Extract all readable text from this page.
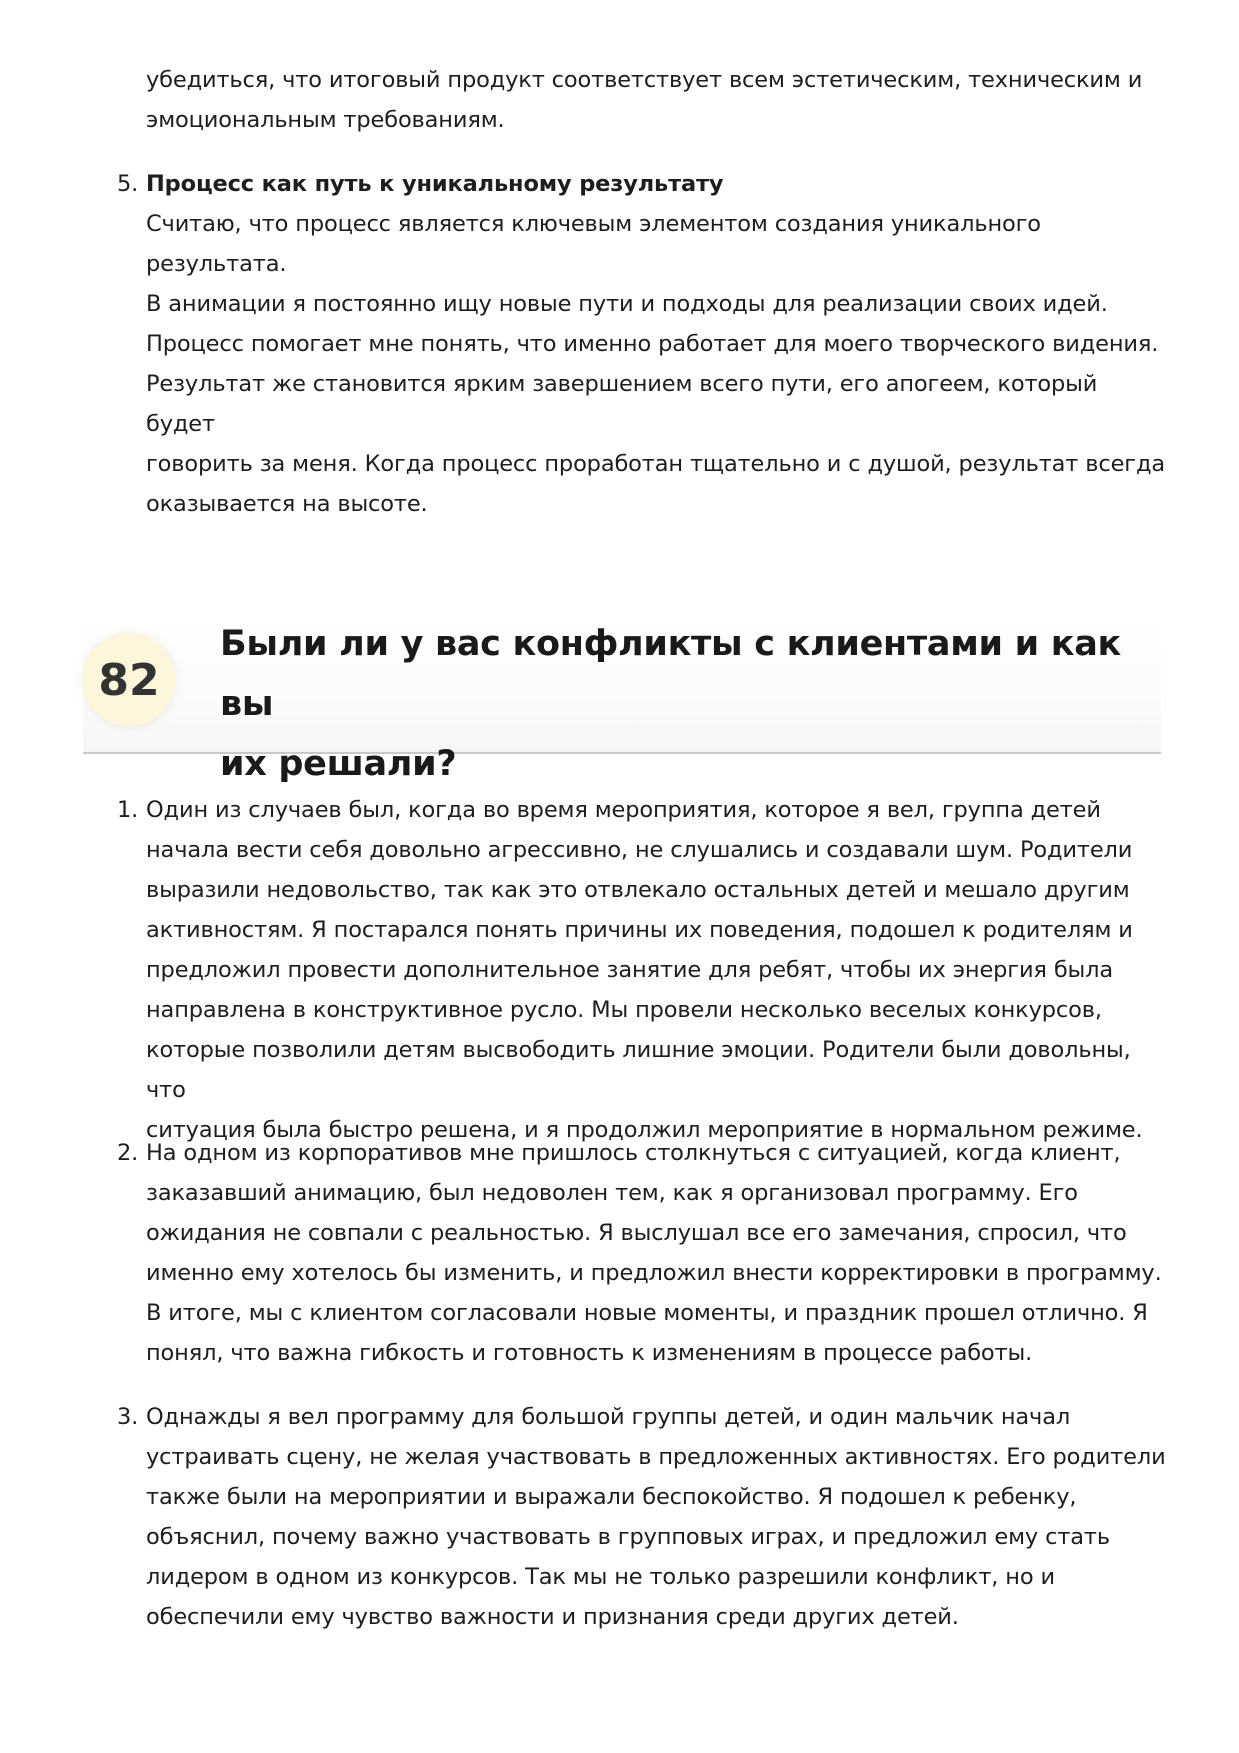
убедиться, что итоговый продукт соответствует всем эстетическим, техническим и

эмоциональным требованиям.

5. Процесс как путь к уникальному результату

Считаю, что процесс является ключевым элементом создания уникального результата.

В анимации я постоянно ищу новые пути и подходы для реализации своих идей.

Процесс помогает мне понять, что именно работает для моего творческого видения.

Результат же становится ярким завершением всего пути, его апогеем, который будет

говорить за меня. Когда процесс проработан тщательно и с душой, результат всегда

оказывается на высоте.

82
Были ли у вас конфликты с клиентами и как вы
их решали?
1. Один из случаев был, когда во время мероприятия, которое я вел, группа детей

начала вести себя довольно агрессивно, не слушались и создавали шум. Родители

выразили недовольство, так как это отвлекало остальных детей и мешало другим

активностям. Я постарался понять причины их поведения, подошел к родителям и

предложил провести дополнительное занятие для ребят, чтобы их энергия была

направлена в конструктивное русло. Мы провели несколько веселых конкурсов,

которые позволили детям высвободить лишние эмоции. Родители были довольны, что

ситуация была быстро решена, и я продолжил мероприятие в нормальном режиме.

2. На одном из корпоративов мне пришлось столкнуться с ситуацией, когда клиент,

заказавший анимацию, был недоволен тем, как я организовал программу. Его

ожидания не совпали с реальностью. Я выслушал все его замечания, спросил, что

именно ему хотелось бы изменить, и предложил внести корректировки в программу.

В итоге, мы с клиентом согласовали новые моменты, и праздник прошел отлично. Я

понял, что важна гибкость и готовность к изменениям в процессе работы.

3. Однажды я вел программу для большой группы детей, и один мальчик начал

устраивать сцену, не желая участвовать в предложенных активностях. Его родители

также были на мероприятии и выражали беспокойство. Я подошел к ребенку,

объяснил, почему важно участвовать в групповых играх, и предложил ему стать

лидером в одном из конкурсов. Так мы не только разрешили конфликт, но и

обеспечили ему чувство важности и признания среди других детей.
